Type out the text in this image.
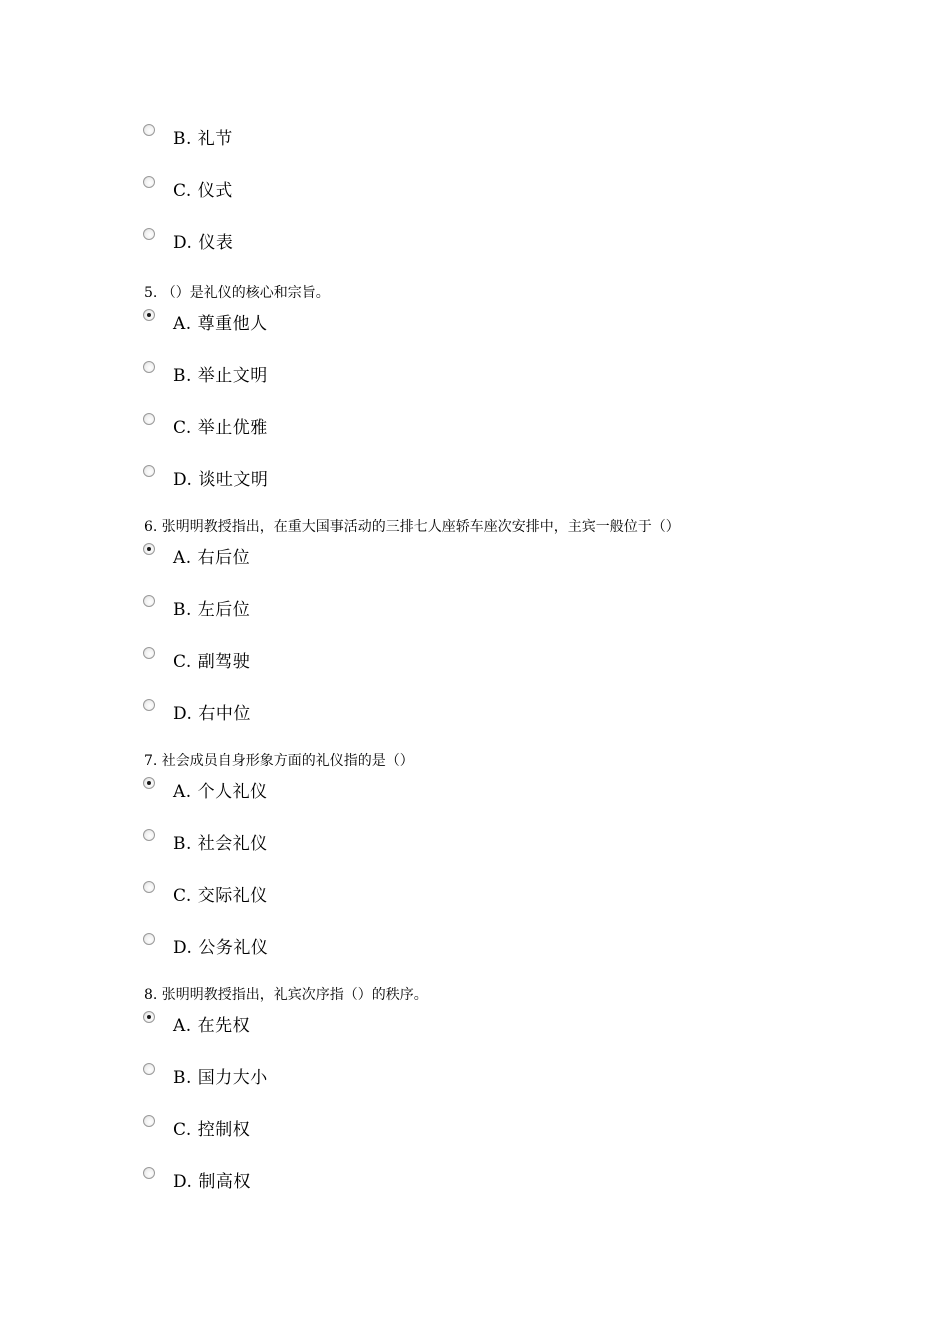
B. 礼节
C. 仪式
D. 仪表
5. （）是礼仪的核心和宗旨。
A. 尊重他人
B. 举止文明
C. 举止优雅
D. 谈吐文明
6. 张明明教授指出，在重大国事活动的三排七人座轿车座次安排中，主宾一般位于（）
A. 右后位
B. 左后位
C. 副驾驶
D. 右中位
7. 社会成员自身形象方面的礼仪指的是（）
A. 个人礼仪
B. 社会礼仪
C. 交际礼仪
D. 公务礼仪
8. 张明明教授指出，礼宾次序指（）的秩序。
A. 在先权
B. 国力大小
C. 控制权
D. 制高权
